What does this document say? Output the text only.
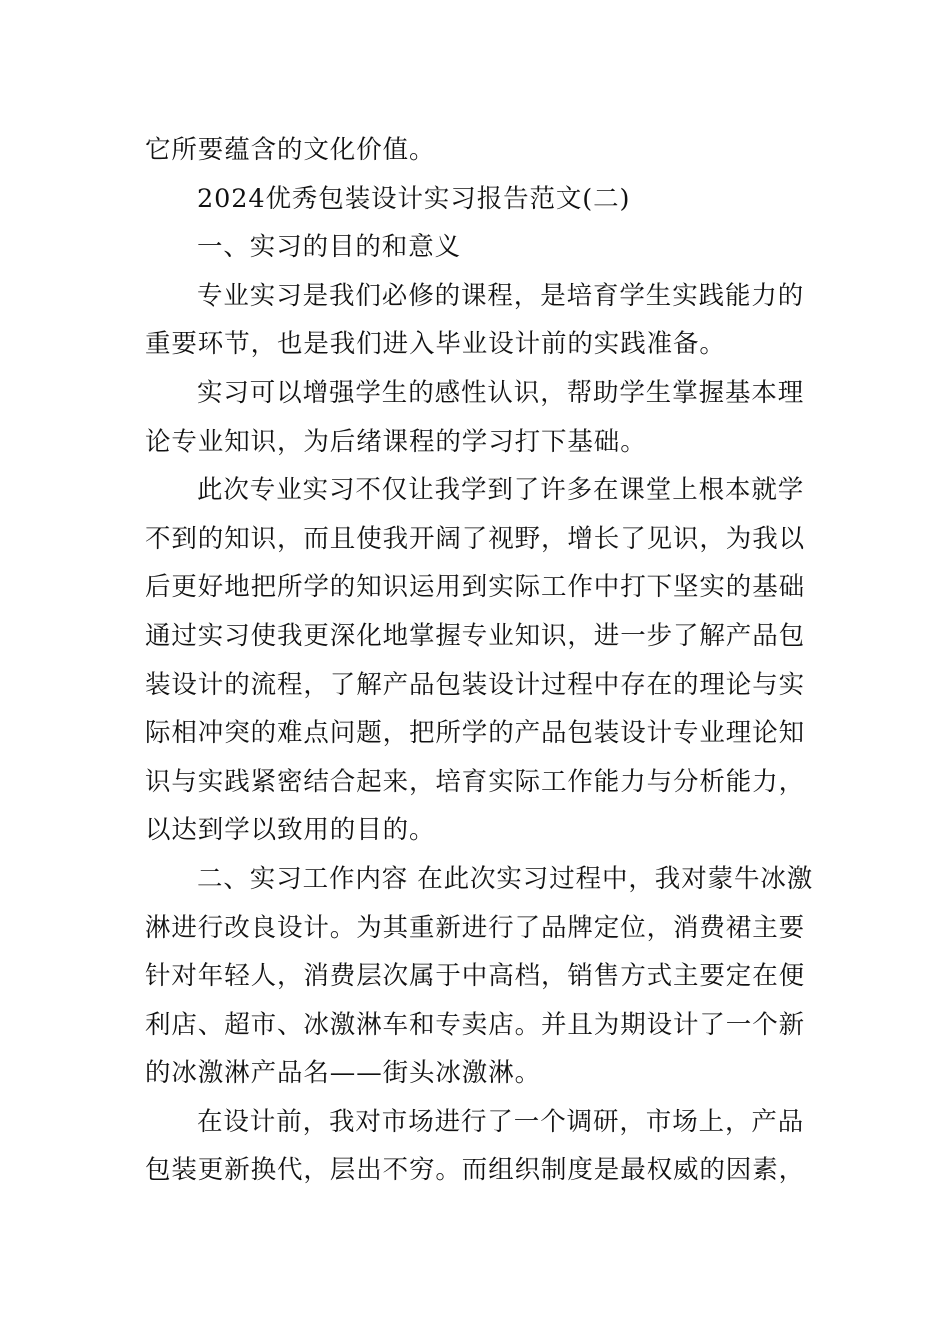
它所要蕴含的文化价值。

2024优秀包装设计实习报告范文(二)

一、实习的目的和意义

专业实习是我们必修的课程，是培育学生实践能力的
重要环节，也是我们进入毕业设计前的实践准备。

实习可以增强学生的感性认识，帮助学生掌握基本理
论专业知识，为后绪课程的学习打下基础。

此次专业实习不仅让我学到了许多在课堂上根本就学
不到的知识，而且使我开阔了视野，增长了见识，为我以
后更好地把所学的知识运用到实际工作中打下坚实的基础
通过实习使我更深化地掌握专业知识，进一步了解产品包
装设计的流程，了解产品包装设计过程中存在的理论与实
际相冲突的难点问题，把所学的产品包装设计专业理论知
识与实践紧密结合起来，培育实际工作能力与分析能力，
以达到学以致用的目的。

二、实习工作内容 在此次实习过程中，我对蒙牛冰激
淋进行改良设计。为其重新进行了品牌定位，消费裙主要
针对年轻人，消费层次属于中高档，销售方式主要定在便
利店、超市、冰激淋车和专卖店。并且为期设计了一个新
的冰激淋产品名——街头冰激淋。

在设计前，我对市场进行了一个调研，市场上，产品
包装更新换代，层出不穷。而组织制度是最权威的因素，
